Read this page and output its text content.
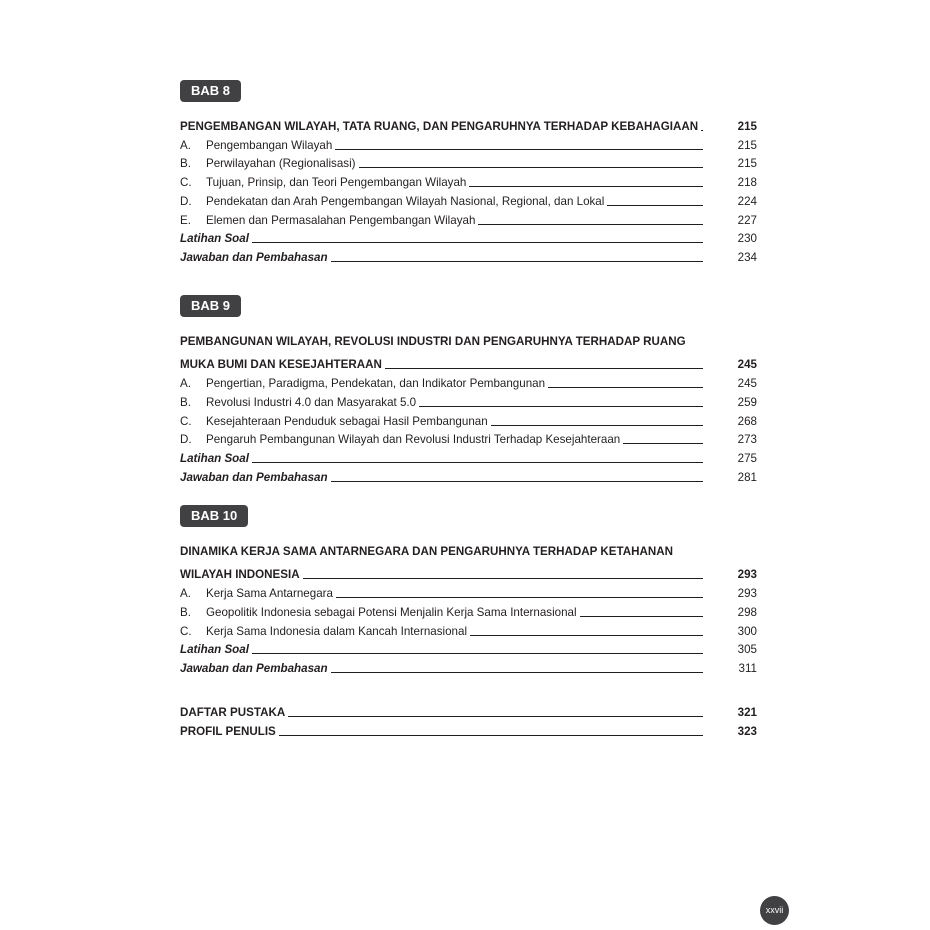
BAB 8
PENGEMBANGAN WILAYAH, TATA RUANG, DAN PENGARUHNYA TERHADAP KEBAHAGIAAN	215
A.	Pengembangan Wilayah	215
B.	Perwilayahan (Regionalisasi)	215
C.	Tujuan, Prinsip, dan Teori Pengembangan Wilayah	218
D.	Pendekatan dan Arah Pengembangan Wilayah Nasional, Regional, dan Lokal	224
E.	Elemen dan Permasalahan Pengembangan Wilayah	227
Latihan Soal	230
Jawaban dan Pembahasan	234
BAB 9
PEMBANGUNAN WILAYAH, REVOLUSI INDUSTRI DAN PENGARUHNYA TERHADAP RUANG
MUKA BUMI DAN KESEJAHTERAAN	245
A.	Pengertian, Paradigma, Pendekatan, dan Indikator Pembangunan	245
B.	Revolusi Industri 4.0 dan Masyarakat 5.0	259
C.	Kesejahteraan Penduduk sebagai Hasil Pembangunan	268
D.	Pengaruh Pembangunan Wilayah dan Revolusi Industri Terhadap Kesejahteraan	273
Latihan Soal	275
Jawaban dan Pembahasan	281
BAB 10
DINAMIKA KERJA SAMA ANTARNEGARA DAN PENGARUHNYA TERHADAP KETAHANAN
WILAYAH INDONESIA	293
A.	Kerja Sama Antarnegara	293
B.	Geopolitik Indonesia sebagai Potensi Menjalin Kerja Sama Internasional	298
C.	Kerja Sama Indonesia dalam Kancah Internasional	300
Latihan Soal	305
Jawaban dan Pembahasan	311
DAFTAR PUSTAKA	321
PROFIL PENULIS	323
xxvii
